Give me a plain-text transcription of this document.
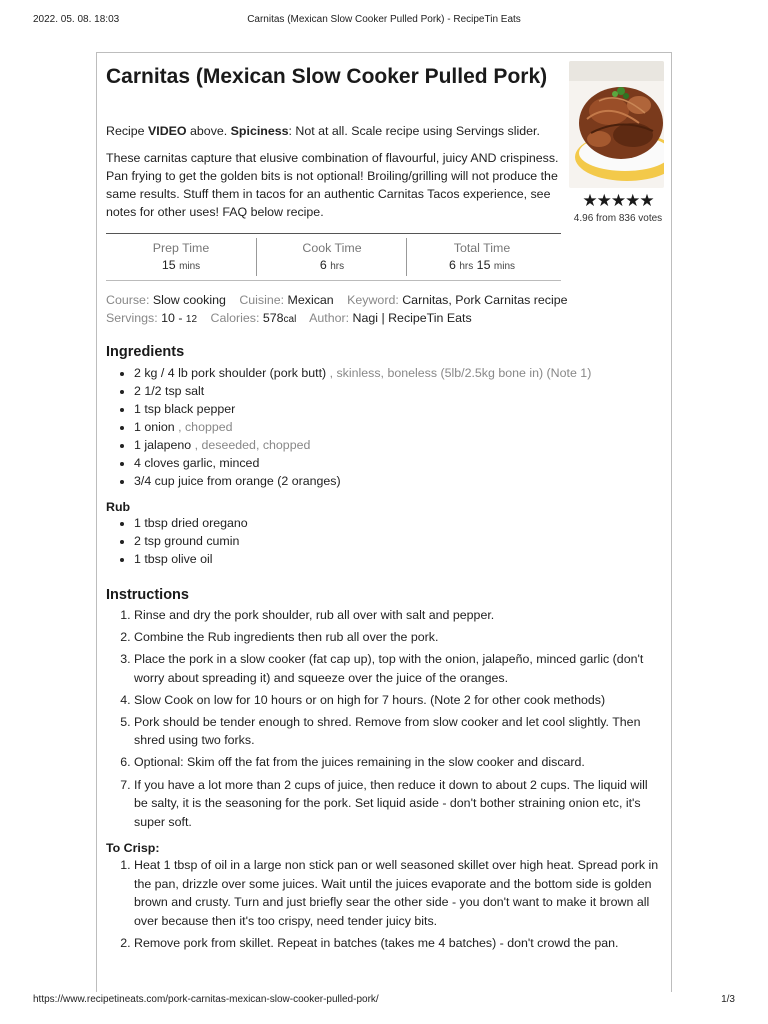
2022. 05. 08. 18:03	Carnitas (Mexican Slow Cooker Pulled Pork) - RecipeTin Eats
Carnitas (Mexican Slow Cooker Pulled Pork)

Recipe VIDEO above. Spiciness: Not at all. Scale recipe using Servings slider.

These carnitas capture that elusive combination of flavourful, juicy AND crispiness. Pan frying to get the golden bits is not optional! Broiling/grilling will not produce the same results. Stuff them in tacos for an authentic Carnitas Tacos experience, see notes for other uses! FAQ below recipe.

★★★★★
4.96 from 836 votes
Prep Time
15 mins
Cook Time
6 hrs
Total Time
6 hrs 15 mins
Course: Slow cooking Cuisine: Mexican Keyword: Carnitas, Pork Carnitas recipe
Servings: 10 - 12 Calories: 578cal Author: Nagi | RecipeTin Eats
Ingredients
• 2 kg / 4 lb pork shoulder (pork butt) , skinless, boneless (5lb/2.5kg bone in) (Note 1)
• 2 1/2 tsp salt
• 1 tsp black pepper
• 1 onion , chopped
• 1 jalapeno , deseeded, chopped
• 4 cloves garlic, minced
• 3/4 cup juice from orange (2 oranges)
Rub
• 1 tbsp dried oregano
• 2 tsp ground cumin
• 1 tbsp olive oil
Instructions
1. Rinse and dry the pork shoulder, rub all over with salt and pepper.
2. Combine the Rub ingredients then rub all over the pork.
3. Place the pork in a slow cooker (fat cap up), top with the onion, jalapeño, minced garlic (don't worry about spreading it) and squeeze over the juice of the oranges.
4. Slow Cook on low for 10 hours or on high for 7 hours. (Note 2 for other cook methods)
5. Pork should be tender enough to shred. Remove from slow cooker and let cool slightly. Then shred using two forks.
6. Optional: Skim off the fat from the juices remaining in the slow cooker and discard.
7. If you have a lot more than 2 cups of juice, then reduce it down to about 2 cups. The liquid will be salty, it is the seasoning for the pork. Set liquid aside - don't bother straining onion etc, it's super soft.
To Crisp:
1. Heat 1 tbsp of oil in a large non stick pan or well seasoned skillet over high heat. Spread pork in the pan, drizzle over some juices. Wait until the juices evaporate and the bottom side is golden brown and crusty. Turn and just briefly sear the other side - you don't want to make it brown all over because then it's too crispy, need tender juicy bits.
2. Remove pork from skillet. Repeat in batches (takes me 4 batches) - don't crowd the pan.
https://www.recipetineats.com/pork-carnitas-mexican-slow-cooker-pulled-pork/	1/3
